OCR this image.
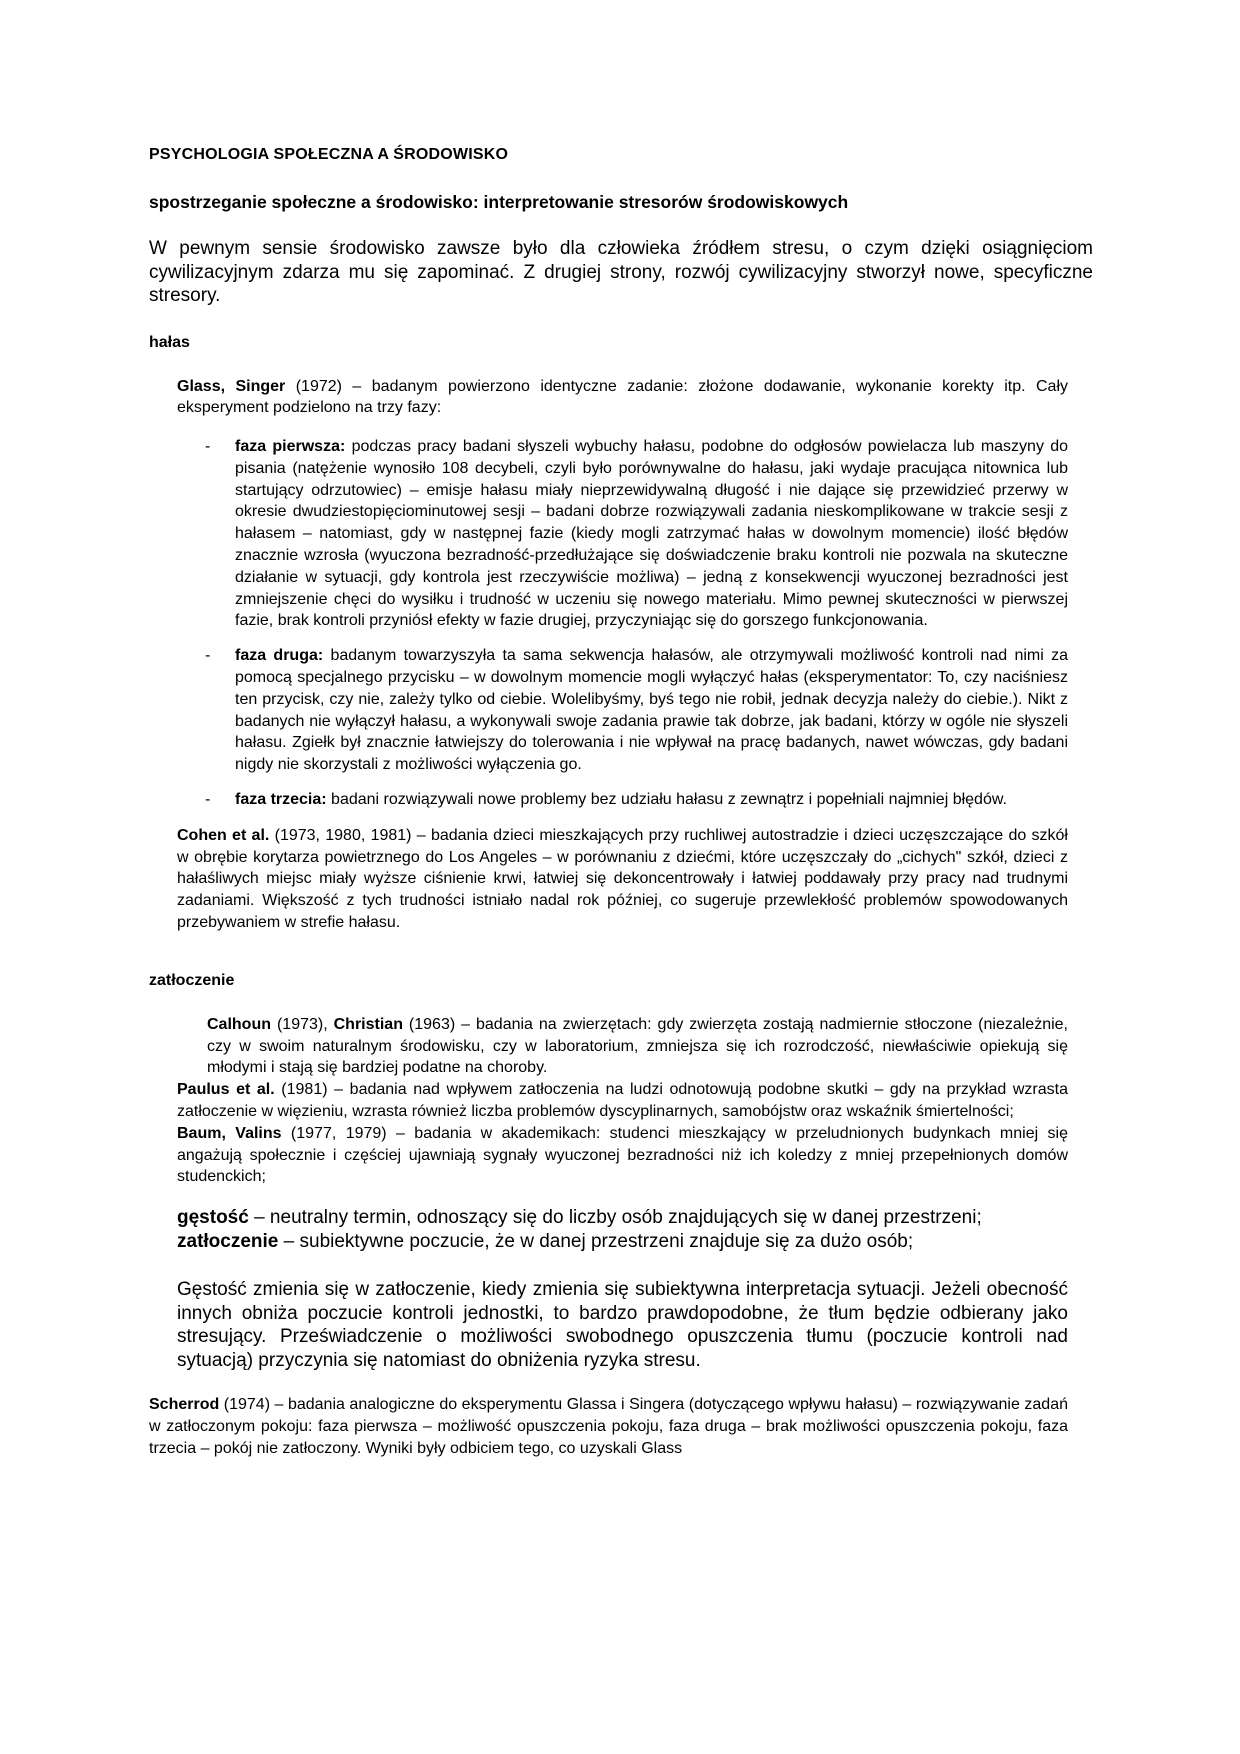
PSYCHOLOGIA SPOŁECZNA A ŚRODOWISKO
spostrzeganie społeczne a środowisko: interpretowanie stresorów środowiskowych

W pewnym sensie środowisko zawsze było dla człowieka źródłem stresu, o czym dzięki osiągnięciom cywilizacyjnym zdarza mu się zapominać. Z drugiej strony, rozwój cywilizacyjny stworzył nowe, specyficzne stresory.

hałas

Glass, Singer (1972) – badanym powierzono identyczne zadanie: złożone dodawanie, wykonanie korekty itp. Cały eksperyment podzielono na trzy fazy:

- faza pierwsza: podczas pracy badani słyszeli wybuchy hałasu, podobne do odgłosów powielacza lub maszyny do pisania (natężenie wynosiło 108 decybeli, czyli było porównywalne do hałasu, jaki wydaje pracująca nitownica lub startujący odrzutowiec) – emisje hałasu miały nieprzewidywalną długość i nie dające się przewidzieć przerwy w okresie dwudziestopięciominutowej sesji – badani dobrze rozwiązywali zadania nieskomplikowane w trakcie sesji z hałasem – natomiast, gdy w następnej fazie (kiedy mogli zatrzymać hałas w dowolnym momencie) ilość błędów znacznie wzrosła (wyuczona bezradność-przedłużające się doświadczenie braku kontroli nie pozwala na skuteczne działanie w sytuacji, gdy kontrola jest rzeczywiście możliwa) – jedną z konsekwencji wyuczonej bezradności jest zmniejszenie chęci do wysiłku i trudność w uczeniu się nowego materiału. Mimo pewnej skuteczności w pierwszej fazie, brak kontroli przyniósł efekty w fazie drugiej, przyczyniając się do gorszego funkcjonowania.
- faza druga: badanym towarzyszyła ta sama sekwencja hałasów, ale otrzymywali możliwość kontroli nad nimi za pomocą specjalnego przycisku – w dowolnym momencie mogli wyłączyć hałas (eksperymentator: To, czy naciśniesz ten przycisk, czy nie, zależy tylko od ciebie. Wolelibyśmy, byś tego nie robił, jednak decyzja należy do ciebie.). Nikt z badanych nie wyłączył hałasu, a wykonywali swoje zadania prawie tak dobrze, jak badani, którzy w ogóle nie słyszeli hałasu. Zgiełk był znacznie łatwiejszy do tolerowania i nie wpływał na pracę badanych, nawet wówczas, gdy badani nigdy nie skorzystali z możliwości wyłączenia go.
- faza trzecia: badani rozwiązywali nowe problemy bez udziału hałasu z zewnątrz i popełniali najmniej błędów.

Cohen et al. (1973, 1980, 1981) – badania dzieci mieszkających przy ruchliwej autostradzie i dzieci uczęszczające do szkół w obrębie korytarza powietrznego do Los Angeles – w porównaniu z dziećmi, które uczęszczały do „cichych" szkół, dzieci z hałaśliwych miejsc miały wyższe ciśnienie krwi, łatwiej się dekoncentrowały i łatwiej poddawały przy pracy nad trudnymi zadaniami. Większość z tych trudności istniało nadal rok później, co sugeruje przewlekłość problemów spowodowanych przebywaniem w strefie hałasu.

zatłoczenie

Calhoun (1973), Christian (1963) – badania na zwierzętach: gdy zwierzęta zostają nadmiernie stłoczone (niezależnie, czy w swoim naturalnym środowisku, czy w laboratorium, zmniejsza się ich rozrodczość, niewłaściwie opiekują się młodymi i stają się bardziej podatne na choroby.

Paulus et al. (1981) – badania nad wpływem zatłoczenia na ludzi odnotowują podobne skutki – gdy na przykład wzrasta zatłoczenie w więzieniu, wzrasta również liczba problemów dyscyplinarnych, samobójstw oraz wskaźnik śmiertelności;

Baum, Valins (1977, 1979) – badania w akademikach: studenci mieszkający w przeludnionych budynkach mniej się angażują społecznie i częściej ujawniają sygnały wyuczonej bezradności niż ich koledzy z mniej przepełnionych domów studenckich;

gęstość – neutralny termin, odnoszący się do liczby osób znajdujących się w danej przestrzeni;

zatłoczenie – subiektywne poczucie, że w danej przestrzeni znajduje się za dużo osób;

Gęstość zmienia się w zatłoczenie, kiedy zmienia się subiektywna interpretacja sytuacji. Jeżeli obecność innych obniża poczucie kontroli jednostki, to bardzo prawdopodobne, że tłum będzie odbierany jako stresujący. Przeświadczenie o możliwości swobodnego opuszczenia tłumu (poczucie kontroli nad sytuacją) przyczynia się natomiast do obniżenia ryzyka stresu.

Scherrod (1974) – badania analogiczne do eksperymentu Glassa i Singera (dotyczącego wpływu hałasu) – rozwiązywanie zadań w zatłoczonym pokoju: faza pierwsza – możliwość opuszczenia pokoju, faza druga – brak możliwości opuszczenia pokoju, faza trzecia – pokój nie zatłoczony. Wyniki były odbiciem tego, co uzyskali Glass
